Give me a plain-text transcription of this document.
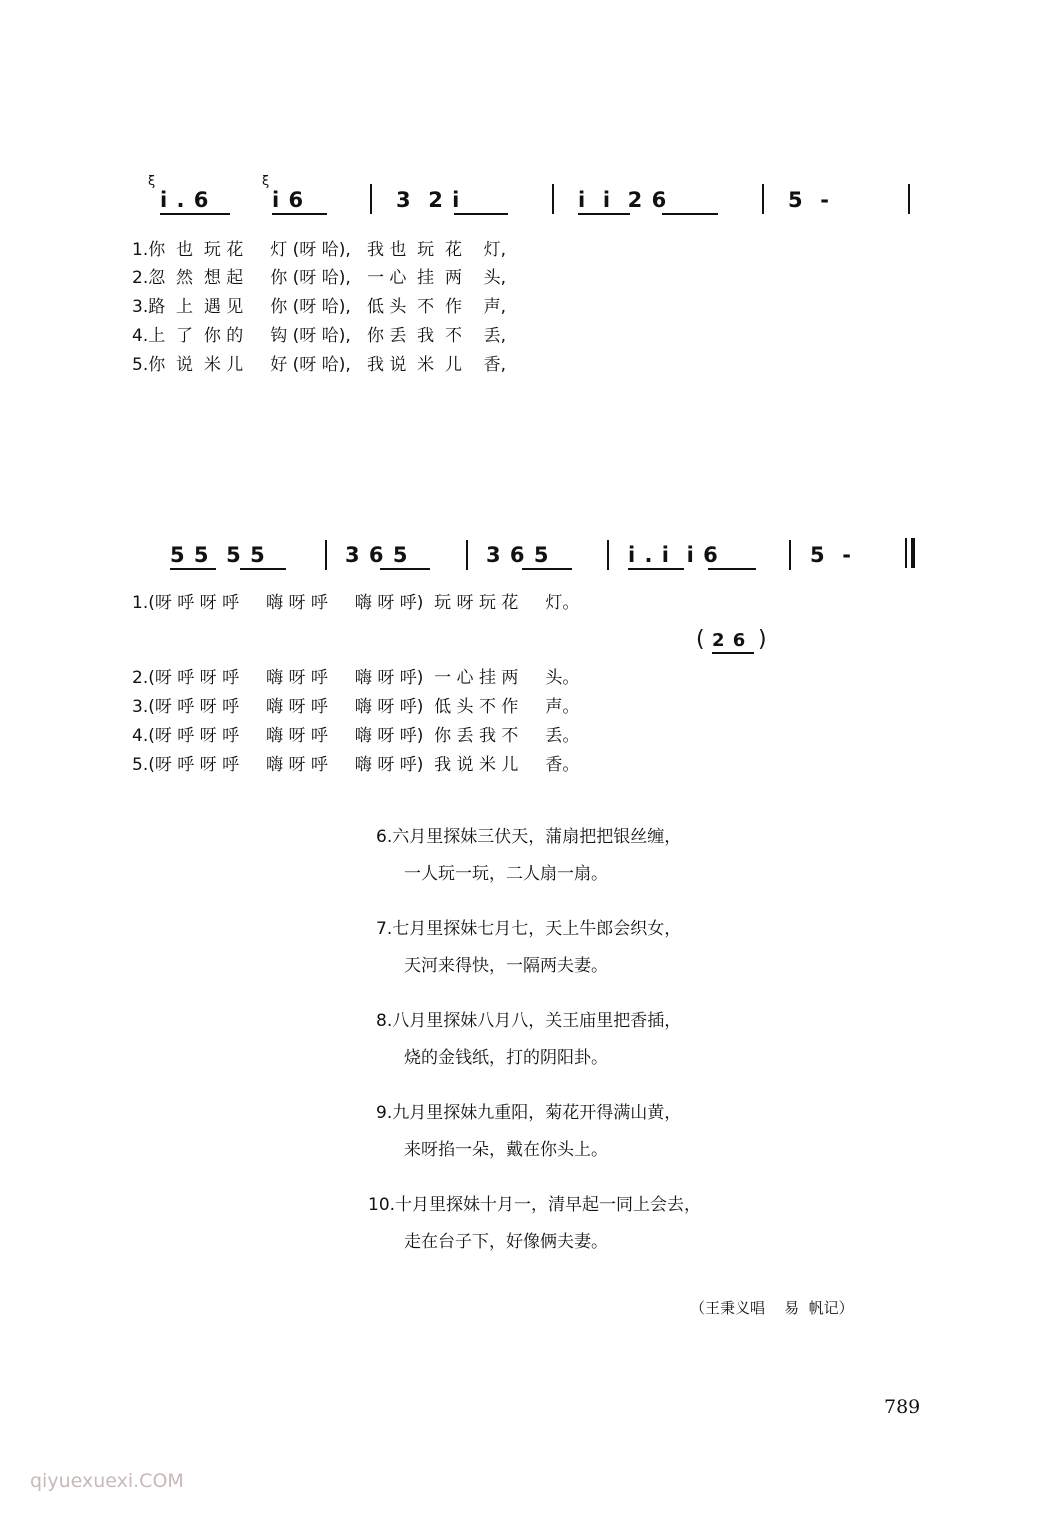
ξ
i . 6
ξ
i 6	3  2 i	i  i  2 6	5  -
1.你  也  玩 花     灯 (呀 哈),   我 也  玩  花    灯,
2.忽  然  想 起     你 (呀 哈),   一 心  挂  两    头,
3.路  上  遇 见     你 (呀 哈),   低 头  不  作    声,
4.上  了  你 的     钩 (呀 哈),   你 丢  我  不    丢,
5.你  说  米 儿     好 (呀 哈),   我 说  米  儿    香,
5 5  5 5	3 6 5	3 6 5	i . i  i 6	5  -
1.(呀 呼 呀 呼     嗨 呀 呼     嗨 呀 呼)  玩 呀 玩 花     灯。
( 2 6 )
2.(呀 呼 呀 呼     嗨 呀 呼     嗨 呀 呼)  一 心 挂 两     头。
3.(呀 呼 呀 呼     嗨 呀 呼     嗨 呀 呼)  低 头 不 作     声。
4.(呀 呼 呀 呼     嗨 呀 呼     嗨 呀 呼)  你 丢 我 不     丢。
5.(呀 呼 呀 呼     嗨 呀 呼     嗨 呀 呼)  我 说 米 儿     香。
6.六月里探妹三伏天，蒲扇把把银丝缠，
一人玩一玩，二人扇一扇。
7.七月里探妹七月七，天上牛郎会织女，
天河来得快，一隔两夫妻。
8.八月里探妹八月八，关王庙里把香插，
烧的金钱纸，打的阴阳卦。
9.九月里探妹九重阳，菊花开得满山黄，
来呀掐一朵，戴在你头上。
10.十月里探妹十月一，清早起一同上会去，
走在台子下，好像俩夫妻。
（王秉义唱    易  帆记）
789
qiyuexuexi.COM
